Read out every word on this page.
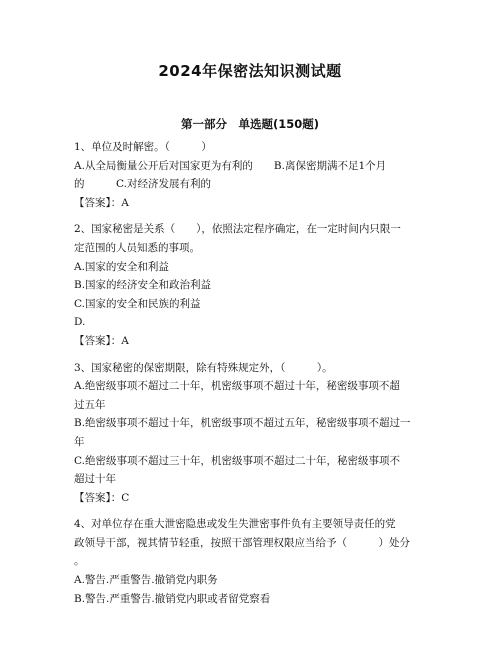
2024年保密法知识测试题
第一部分　单选题(150题)
1、单位及时解密。（　　　）
A.从全局衡量公开后对国家更为有利的　　B.离保密期满不足1个月
的　　　C.对经济发展有利的
【答案】：A
2、国家秘密是关系（　　），依照法定程序确定，在一定时间内只限一
定范围的人员知悉的事项。
A.国家的安全和利益
B.国家的经济安全和政治利益
C.国家的安全和民族的利益
D.
【答案】：A
3、国家秘密的保密期限，除有特殊规定外，（　　　）。
A.绝密级事项不超过二十年，机密级事项不超过十年，秘密级事项不超
过五年
B.绝密级事项不超过十年，机密级事项不超过五年，秘密级事项不超过一
年
C.绝密级事项不超过三十年，机密级事项不超过二十年，秘密级事项不
超过十年
【答案】：C
4、对单位存在重大泄密隐患或发生失泄密事件负有主要领导责任的党
政领导干部，视其情节轻重，按照干部管理权限应当给予（　　　）处分
。
A.警告.严重警告.撤销党内职务
B.警告.严重警告.撤销党内职或者留党察看
